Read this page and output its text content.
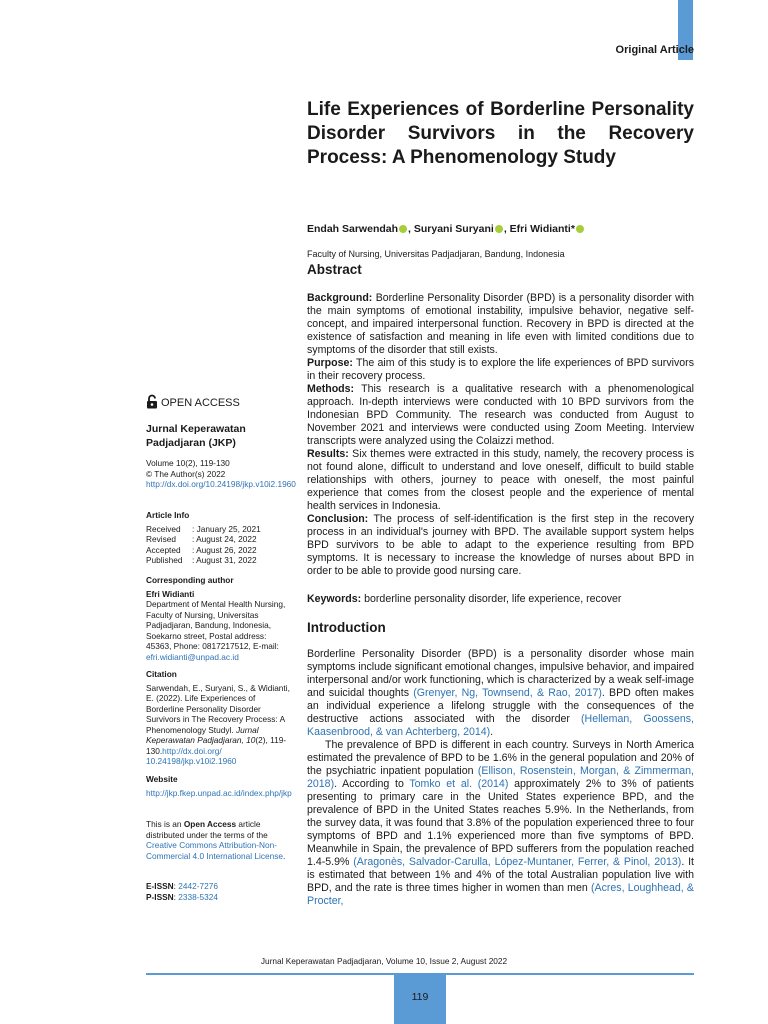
Original Article
Life Experiences of Borderline Personality Disorder Survivors in the Recovery Process: A Phenomenology Study
Endah Sarwendah , Suryani Suryani , Efri Widianti*
Faculty of Nursing, Universitas Padjadjaran, Bandung, Indonesia
Abstract

Background: Borderline Personality Disorder (BPD) is a personality disorder with the main symptoms of emotional instability, impulsive behavior, negative self-concept, and impaired interpersonal function. Recovery in BPD is directed at the existence of satisfaction and meaning in life even with limited conditions due to symptoms of the disorder that still exists.

Purpose: The aim of this study is to explore the life experiences of BPD survivors in their recovery process.

Methods: This research is a qualitative research with a phenomenological approach. In-depth interviews were conducted with 10 BPD survivors from the Indonesian BPD Community. The research was conducted from August to November 2021 and interviews were conducted using Zoom Meeting. Interview transcripts were analyzed using the Colaizzi method.

Results: Six themes were extracted in this study, namely, the recovery process is not found alone, difficult to understand and love oneself, difficult to build stable relationships with others, journey to peace with oneself, the most painful experience that comes from the closest people and the experience of mental health services in Indonesia.

Conclusion: The process of self-identification is the first step in the recovery process in an individual's journey with BPD. The available support system helps BPD survivors to be able to adapt to the experience resulting from BPD symptoms. It is necessary to increase the knowledge of nurses about BPD in order to be able to provide good nursing care.

Keywords: borderline personality disorder, life experience, recover

Introduction

Borderline Personality Disorder (BPD) is a personality disorder whose main symptoms include significant emotional changes, impulsive behavior, and impaired interpersonal and/or work functioning, which is characterized by a weak self-image and suicidal thoughts (Grenyer, Ng, Townsend, & Rao, 2017). BPD often makes an individual experience a lifelong struggle with the consequences of the destructive actions associated with the disorder (Helleman, Goossens, Kaasenbrood, & van Achterberg, 2014).

The prevalence of BPD is different in each country. Surveys in North America estimated the prevalence of BPD to be 1.6% in the general population and 20% of the psychiatric inpatient population (Ellison, Rosenstein, Morgan, & Zimmerman, 2018). According to Tomko et al. (2014) approximately 2% to 3% of patients presenting to primary care in the United States experience BPD, and the prevalence of BPD in the United States reaches 5.9%. In the Netherlands, from the survey data, it was found that 3.8% of the population experienced three to four symptoms of BPD and 1.1% experienced more than five symptoms of BPD. Meanwhile in Spain, the prevalence of BPD sufferers from the population reached 1.4-5.9% (Aragonès, Salvador-Carulla, López-Muntaner, Ferrer, & Pinol, 2013). It is estimated that between 1% and 4% of the total Australian population live with BPD, and the rate is three times higher in women than men (Acres, Loughhead, & Procter,

OPEN ACCESS
Jurnal Keperawatan Padjadjaran (JKP)
Volume 10(2), 119-130
© The Author(s) 2022
http://dx.doi.org/10.24198/jkp.v10i2.1960
Article Info
Received	: January 25, 2021
Revised	: August 24, 2022
Accepted	: August 26, 2022
Published	: August 31, 2022
Corresponding author
Efri Widianti
Department of Mental Health Nursing, Faculty of Nursing, Universitas Padjadjaran, Bandung, Indonesia, Soekarno street, Postal address: 45363, Phone: 0817217512, E-mail:
efri.widianti@unpad.ac.id
Citation
Sarwendah, E., Suryani, S., & Widianti, E. (2022). Life Experiences of Borderline Personality Disorder Survivors in The Recovery Process: A Phenomenology Studyl. Jurnal Keperawatan Padjadjaran, 10(2), 119-130.http://dx.doi.org/ 10.24198/jkp.v10i2.1960
Website
http://jkp.fkep.unpad.ac.id/index.php/jkp
This is an Open Access article distributed under the terms of the Creative Commons Attribution-Non-Commercial 4.0 International License.
E-ISSN: 2442-7276
P-ISSN: 2338-5324
Jurnal Keperawatan Padjadjaran, Volume 10, Issue 2, August 2022
119
